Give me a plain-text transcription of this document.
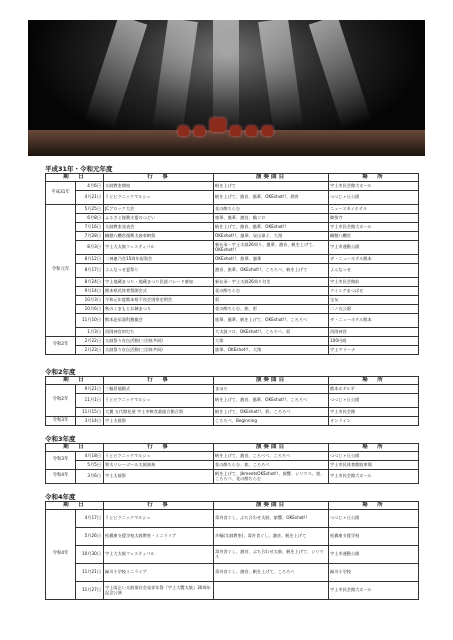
平成31年・令和元年度
期　日		行　事	演奏曲目	場　所
平成31年	4月6日	太鼓教室開校	帆を上げて	宇土市民会館大ホール
	4月21日	うとピクニックマルシェ	帆を上げて、激音、風華、OKEshot!!、熱宵	つつじヶ丘公園
令和元年	5月25日	JCブロック大会	花の酔ちらむ	ニュースカイホテル
	6月8日	ふるさと復興支援のつどい	旅華、風華、激音、鶴ソロ	御領寺
	7月16日	太鼓教室発表会	帆を上げて、激音、風華、OKEshot!!	宇土市民会館大ホール
	7月28日	幟懸八幡宮復興太鼓奉納祭	OKEshot!!、風華、昼山嶺子、大翔	幟懸八幡宮
	8月3日	宇土大太鼓フェスティバル	新伝承・宇土太鼓26周り、風華、激音、帆を上げて、OKEshot!!	宇土市運動公園
	8月12日	二神連乃会15周年祝賀会	OKEshot!!、旅華、風華	ザ・ニューホテル熊本
	8月17日	よんなっせ夏祭り	激音、旅華、OKEshot!!、ころろべ、帆を上げて	よんなっせ
	8月24日	宇土地蔵まつり・地蔵まつり民謡パレード参加	新伝承・宇土太鼓26周り付き	宇土市民会館前
	9月14日	熊本県民体育祭開会式	花の酔ちらむ	ウイングまつばせ
	10月3日	令和元年度熊本県不良会別奉定例会	彩	宝友
	10月6日	秋のくまもとお城まつり	花の酔ちらむ、旅、彩	二ノ丸公園
	11月10日	熊本泌尿器科懇親会	旅華、風華、帆を上げて、OKEshot!!、ころろべ	ザ・ニューホテル熊本
	1月3日	西岡神宮初打ち	大太鼓ソロ、OKEshot!!、ころろべ、彩	西岡神宮
令和2年	2月22日	太鼓祭り宣伝活動(三団体共同)	大翔	100円商
	2月23日	太鼓祭り宣伝活動(三団体共同)	旅華、OKEshot!!、大翔	宇土マリーナ
令和2年度
期　日		行　事	演奏曲目	場　所
令和2年	9月21日	三幅冒地陽式	まほろ	熊本ホテル平
	11月1日	うとピクニックマルシェ	帆を上げて、激音、風華、OKEshot!!、ころろべ	つつじヶ丘公園
	11月15日	大翼 五代開花展 宇土市軟食業組合館合祭	帆を上げて、OKEshot!!、彩、ころろべ	宇土市民会館
令和3年	3月14日	宇土太鼓祭	ころろべ、Beginning	オンライン
令和3年度
期　日		行　事	演奏曲目	場　所
令和3年	4月18日	うとピクニックマルシェ	帆を上げて、激音、ころべべ、ころろべ	つつじヶ丘公園
	5月5日	智太リレーゴール太鼓演奏	花の酔ちらむ、旅、ころろべ	宇土市民体育館駐車場
令和4年	3月6日	宇土太鼓祭	帆を上げて、鋒meetsOKEshot!!、鼓響、シリウス、旅、ころろべ、花の酔ちらむ	宇土市民会館大ホール
令和4年度
期　日		行　事	演奏曲目	場　所
令和4年	4月17日	うとピクニックマルシェ	毒舟食ぐし、ぶち合わせ太鼓、旅響、OKEshot!!	つつじヶ丘公園
	5月26日	松橋東支援学校太鼓教室・ミニライブ	歩幅(太鼓教室)、毒舟食ぐし、激音、帆を上げて	松橋東支援学校
	10月30日	宇土大太鼓フェスティバル	毒舟食ぐし、激音、ぶち合わせ太鼓、帆を上げて、シリウス	宇土市運動公園
	11月21日	緑川小学校ミニライブ	毒舟食ぐし、激音、帆を上げて、ころろべ	緑川小学校
	11月27日	宇土雨乞い太鼓保存会発祥年祭『宇土大響太鼓』30周年記念公演		宇土市民会館大ホール
